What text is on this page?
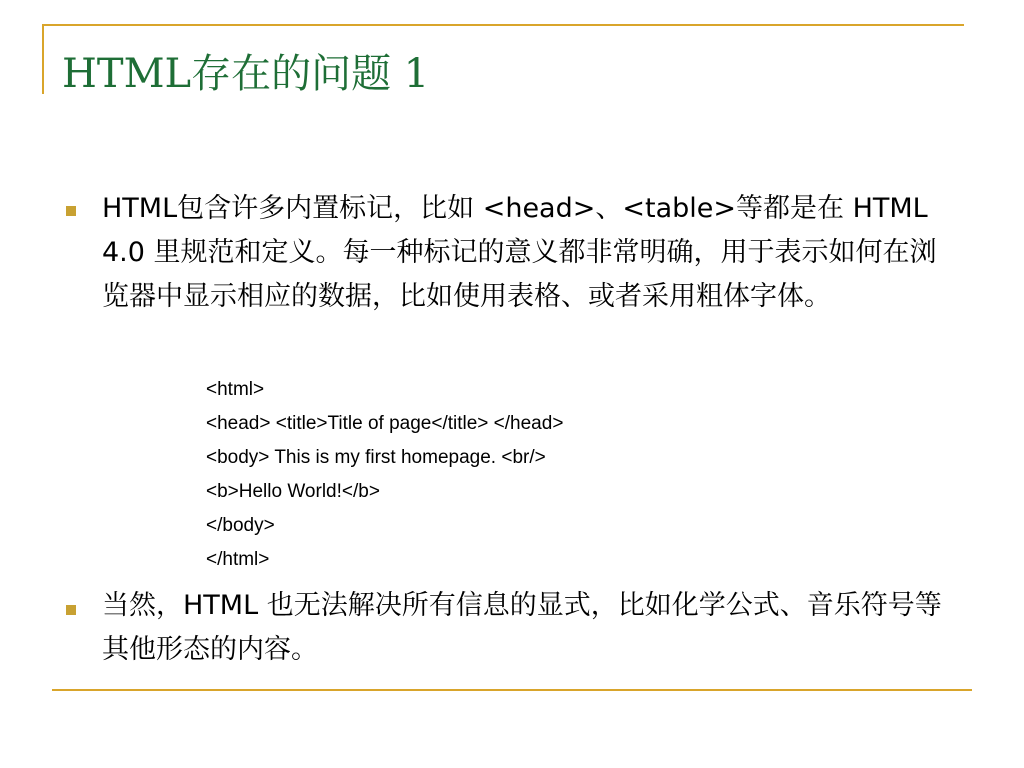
HTML存在的问题 1
HTML包含许多内置标记，比如 <head>、<table>等都是在 HTML 4.0 里规范和定义。每一种标记的意义都非常明确，用于表示如何在浏览器中显示相应的数据，比如使用表格、或者采用粗体字体。
<html>
<head> <title>Title of page</title> </head>
<body> This is my first homepage. <br/>
<b>Hello World!</b>
</body>
</html>
当然，HTML 也无法解决所有信息的显式，比如化学公式、音乐符号等其他形态的内容。
